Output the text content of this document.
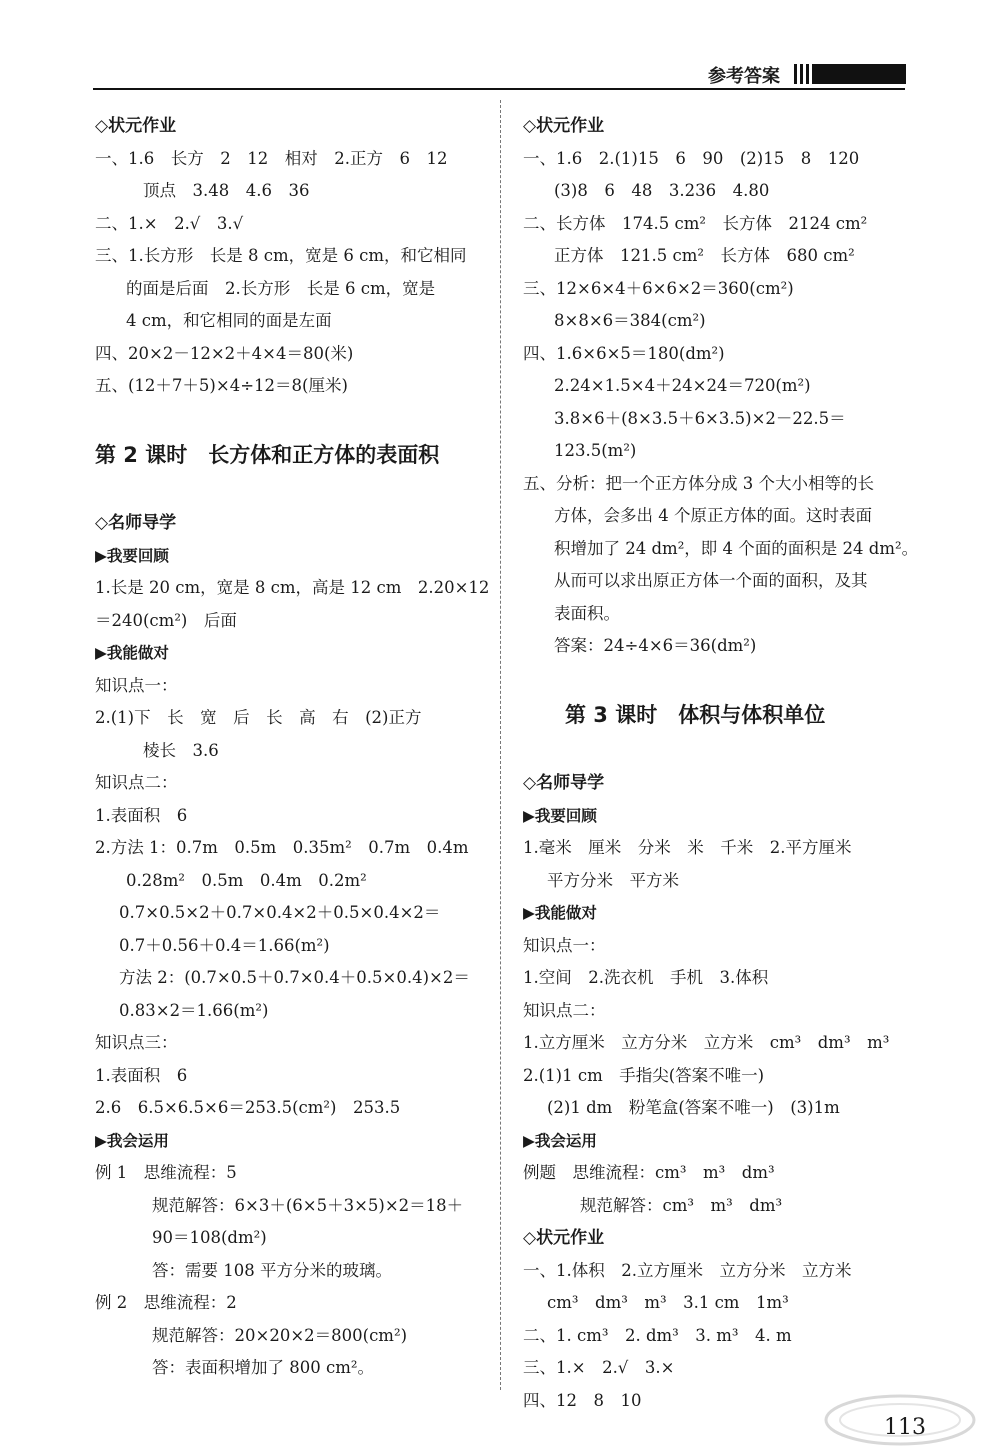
参考答案
◇状元作业
一、1.6　长方　2　12　相对　2.正方　6　12
顶点　3.48　4.6　36
二、1.×　2.√　3.√
三、1.长方形　长是 8 cm，宽是 6 cm，和它相同
的面是后面　2.长方形　长是 6 cm，宽是
4 cm，和它相同的面是左面
四、20×2－12×2＋4×4＝80(米)
五、(12＋7＋5)×4÷12＝8(厘米)
第 2 课时　长方体和正方体的表面积
◇名师导学
▶我要回顾
1.长是 20 cm，宽是 8 cm，高是 12 cm　2.20×12
＝240(cm²)　后面
▶我能做对
知识点一：
2.(1)下　长　宽　后　长　高　右　(2)正方
棱长　3.6
知识点二：
1.表面积　6
2.方法 1：0.7m　0.5m　0.35m²　0.7m　0.4m
0.28m²　0.5m　0.4m　0.2m²
0.7×0.5×2＋0.7×0.4×2＋0.5×0.4×2＝
0.7＋0.56＋0.4＝1.66(m²)
方法 2：(0.7×0.5＋0.7×0.4＋0.5×0.4)×2＝
0.83×2＝1.66(m²)
知识点三：
1.表面积　6
2.6　6.5×6.5×6＝253.5(cm²)　253.5
▶我会运用
例 1　思维流程：5
规范解答：6×3＋(6×5＋3×5)×2＝18＋
90＝108(dm²)
答：需要 108 平方分米的玻璃。
例 2　思维流程：2
规范解答：20×20×2＝800(cm²)
答：表面积增加了 800 cm²。
◇状元作业
一、1.6　2.(1)15　6　90　(2)15　8　120
(3)8　6　48　3.236　4.80
二、长方体　174.5 cm²　长方体　2124 cm²
正方体　121.5 cm²　长方体　680 cm²
三、12×6×4＋6×6×2＝360(cm²)
8×8×6＝384(cm²)
四、1.6×6×5＝180(dm²)
2.24×1.5×4＋24×24＝720(m²)
3.8×6＋(8×3.5＋6×3.5)×2－22.5＝
123.5(m²)
五、分析：把一个正方体分成 3 个大小相等的长
方体，会多出 4 个原正方体的面。这时表面
积增加了 24 dm²，即 4 个面的面积是 24 dm²。
从而可以求出原正方体一个面的面积，及其
表面积。
答案：24÷4×6＝36(dm²)
　　第 3 课时　体积与体积单位
◇名师导学
▶我要回顾
1.毫米　厘米　分米　米　千米　2.平方厘米
平方分米　平方米
▶我能做对
知识点一：
1.空间　2.洗衣机　手机　3.体积
知识点二：
1.立方厘米　立方分米　立方米　cm³　dm³　m³
2.(1)1 cm　手指尖(答案不唯一)
(2)1 dm　粉笔盒(答案不唯一)　(3)1m
▶我会运用
例题　思维流程：cm³　m³　dm³
规范解答：cm³　m³　dm³
◇状元作业
一、1.体积　2.立方厘米　立方分米　立方米
cm³　dm³　m³　3.1 cm　1m³
二、1. cm³　2. dm³　3. m³　4. m
三、1.×　2.√　3.×
四、12　8　10
113
